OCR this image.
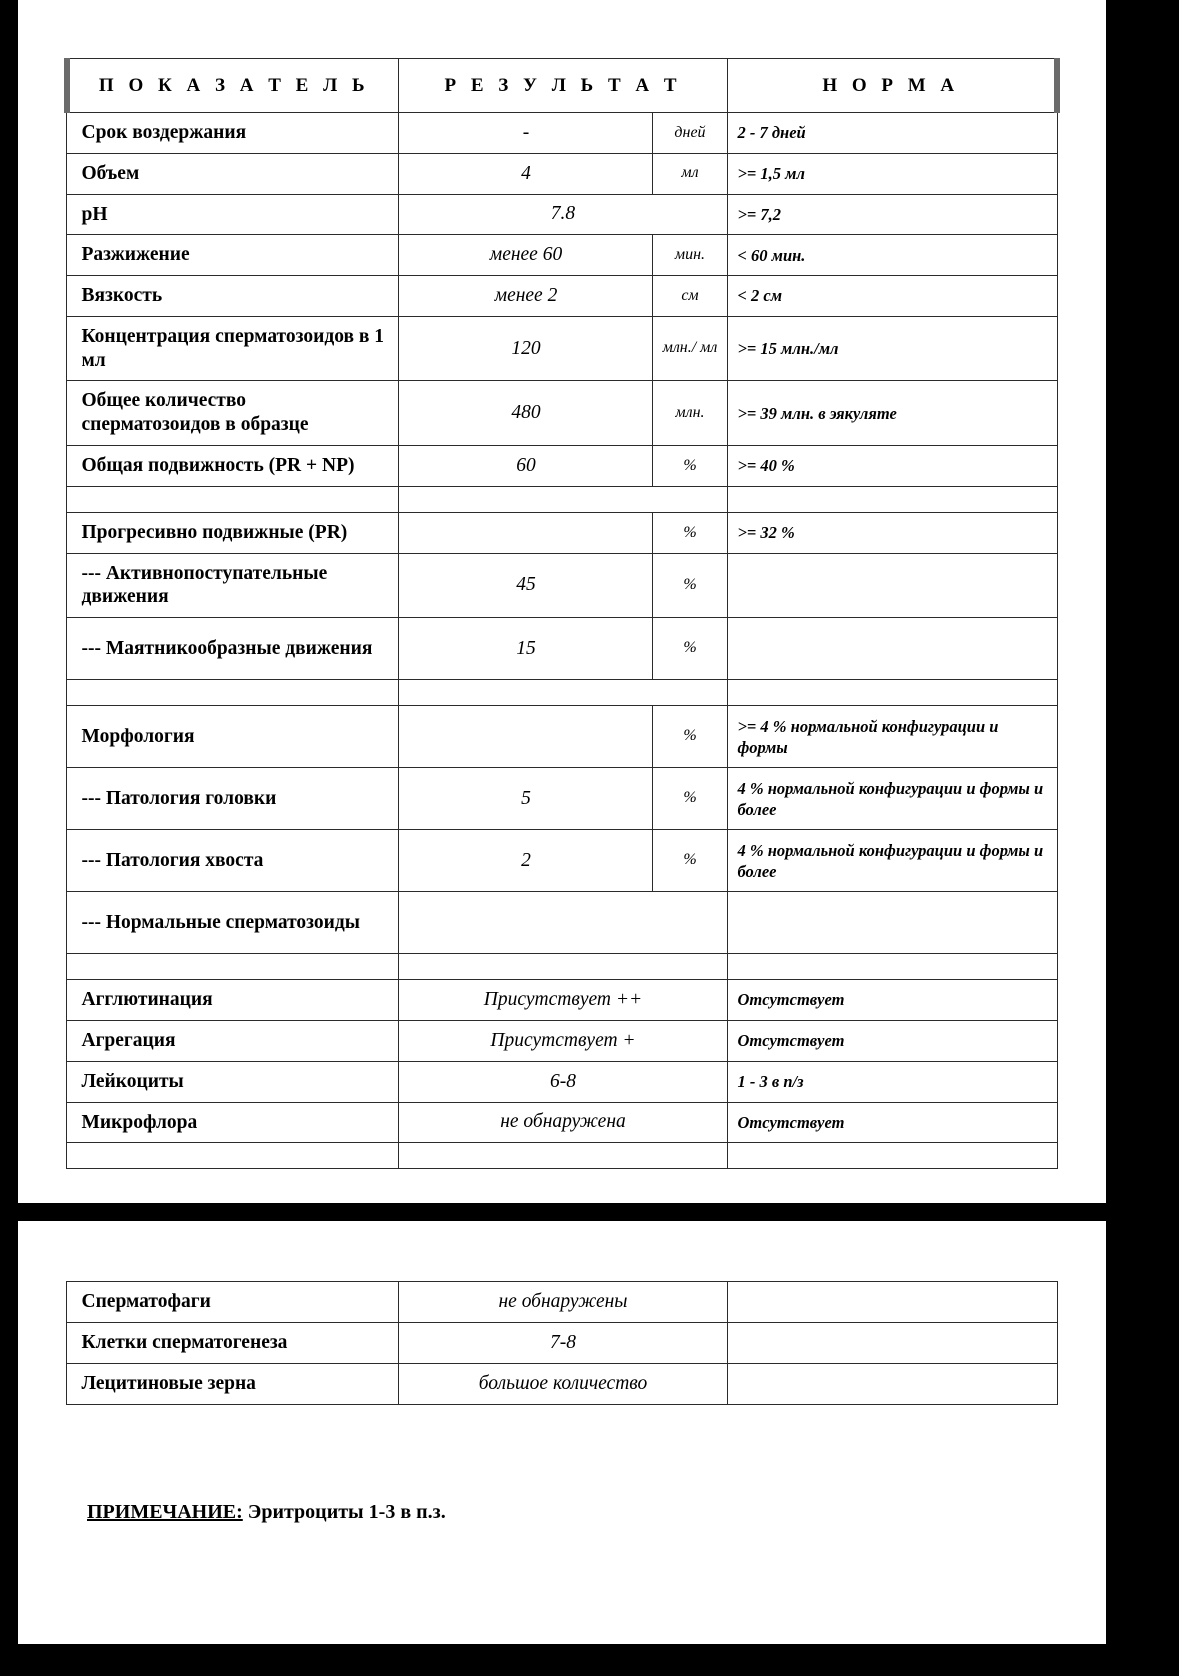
П О К А З А Т Е Л Ь	Р Е З У Л Ь Т А Т		Н О Р М А
Срок воздержания	-	дней	2 - 7 дней
Объем	4	мл	>= 1,5 мл
pH	7.8		>= 7,2
Разжижение	менее 60	мин.	< 60 мин.
Вязкость	менее 2	см	< 2 см
Концентрация сперматозоидов в 1 мл	120	млн./ мл	>= 15 млн./мл
Общее количество сперматозоидов в образце	480	млн.	>= 39 млн. в эякуляте
Общая подвижность (PR + NP)	60	%	>= 40 %

Прогресивно подвижные (PR)		%	>= 32 %
--- Активнопоступательные движения	45	%	
--- Маятникообразные движения	15	%	

Морфология		%	>= 4 % нормальной конфигурации и формы
--- Патология головки	5	%	4 % нормальной конфигурации и формы и более
--- Патология хвоста	2	%	4 % нормальной конфигурации и формы и более
--- Нормальные сперматозоиды			

Агглютинация	Присутствует ++		Отсутствует
Агрегация	Присутствует +		Отсутствует
Лейкоциты	6-8		1 - 3 в п/з
Микрофлора	не обнаружена		Отсутствует

Сперматофаги	не обнаружены	
Клетки сперматогенеза	7-8	
Лецитиновые зерна	большое количество	
ПРИМЕЧАНИЕ: Эритроциты 1-3 в п.з.
